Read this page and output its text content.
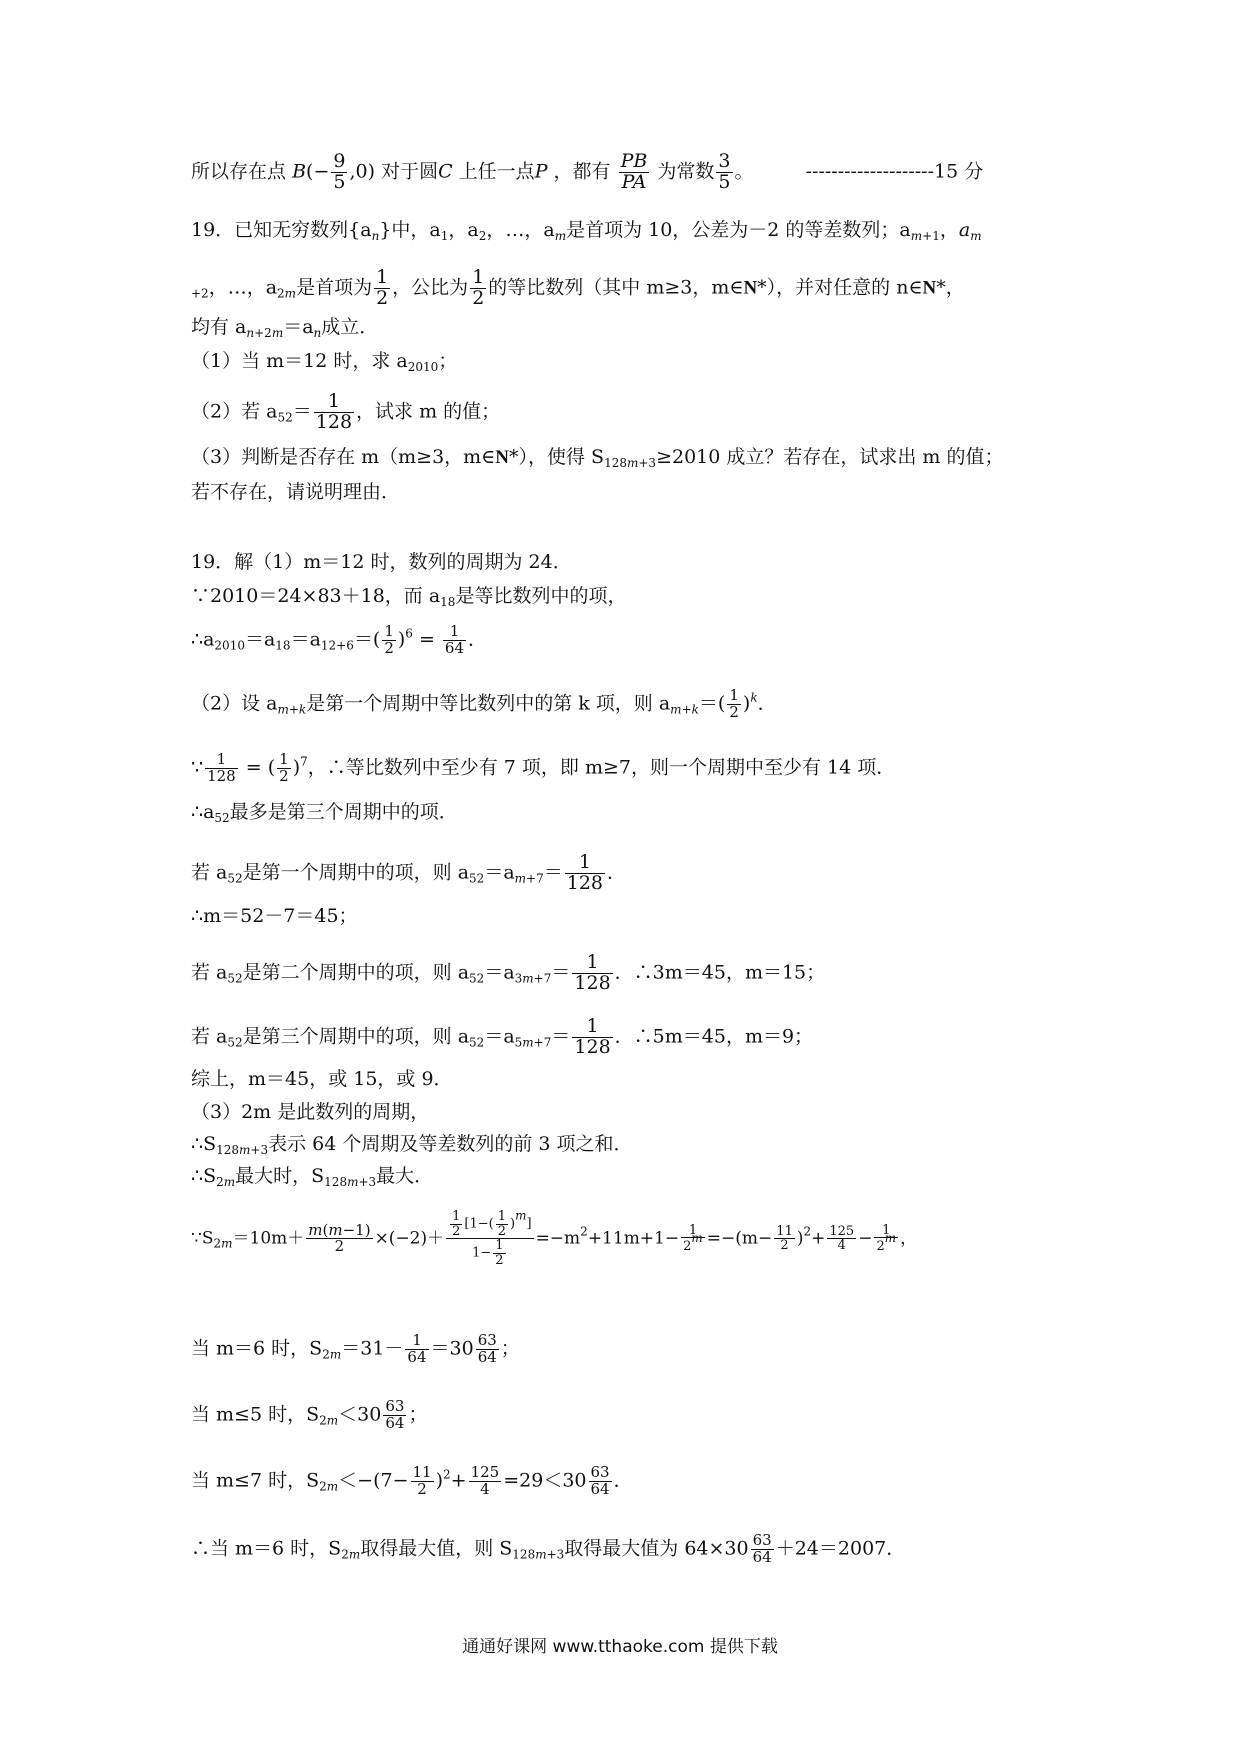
所以存在点 $B(- \frac{9}{5} ,0)$ 对于圆C 上任一点P ，都有 $\frac{PB}{PA}$ 为常数 $\frac{3}{5}$ 。	--------------------15 分
19．已知无穷数列$\{a_n\}$中，$a_1$，$a_2$，…，$a_m$是首项为 10，公差为－2 的等差数列；$a_{m+1}$，$a_m$
$_{+2}$，…，$a_{2m}$是首项为 $\frac{1}{2}$ ，公比为 $\frac{1}{2}$ 的等比数列（其中 m≥3，m∈N*），并对任意的 n∈N*，
均有 $a_{n+2m}=a_n$成立．
（1）当 m＝12 时，求 $a_{2010}$；
（2）若 $a_{52}= \frac{1}{128}$ ，试求 m 的值；
（3）判断是否存在 m（m≥3，m∈N*），使得 $S_{128m+3}\ge 2010$ 成立？若存在，试求出 m 的值；
若不存在，请说明理由．
19．解（1）m＝12 时，数列的周期为 24．
∵2010＝24×83＋18，而 $a_{18}$是等比数列中的项，
$\therefore a_{2010}=a_{18}=a_{12+6}=( \frac{1}{2} )^6 = \frac{1}{64}$ ．
（2）设 $a_{m+k}$是第一个周期中等比数列中的第 k 项，则 $a_{m+k}=( \frac{1}{2} )^k$．
∵ $\frac{1}{128}$ = ( $\frac{1}{2} )^7$，∴等比数列中至少有 7 项，即 m≥7，则一个周期中至少有 14 项．
$\therefore a_{52}$最多是第三个周期中的项．
若 $a_{52}$是第一个周期中的项，则 $a_{52}=a_{m+7}= \frac{1}{128}$ ．
∴m＝52－7＝45；
若 $a_{52}$是第二个周期中的项，则 $a_{52}=a_{3m+7}= \frac{1}{128}$ ．∴3m＝45，m＝15；
若 $a_{52}$是第三个周期中的项，则 $a_{52}=a_{5m+7}= \frac{1}{128}$ ．∴5m＝45，m＝9；
综上，m＝45，或 15，或 9．
（3）2m 是此数列的周期，
$\therefore S_{128m+3}$表示 64 个周期及等差数列的前 3 项之和．
$\therefore S_{2m}$最大时，$S_{128m+3}$最大．
$\because S_{2m}=10m+ \frac{m(m-1)}{2} \times(-2)+ \frac{\frac{1}{2} [1-( \frac{1}{2} )^m]}{1- \frac{1}{2}} =-m^2+11m+1- \frac{1}{2^m} =-(m- \frac{11}{2} )^2+ \frac{125}{4} - \frac{1}{2^m}$ ，
当 m＝6 时，$S_{2m}=31- \frac{1}{64} =30 \frac{63}{64}$ ；
当 m≤5 时，$S_{2m}<30 \frac{63}{64}$ ；
当 m≤7 时，$S_{2m}<-(7- \frac{11}{2} )^2+ \frac{125}{4} =29<30 \frac{63}{64}$ ．
∴当 m＝6 时，$S_{2m}$取得最大值，则 $S_{128m+3}$取得最大值为 $64\times 30 \frac{63}{64} +24=2007$．
通通好课网 www.tthaoke.com 提供下载
